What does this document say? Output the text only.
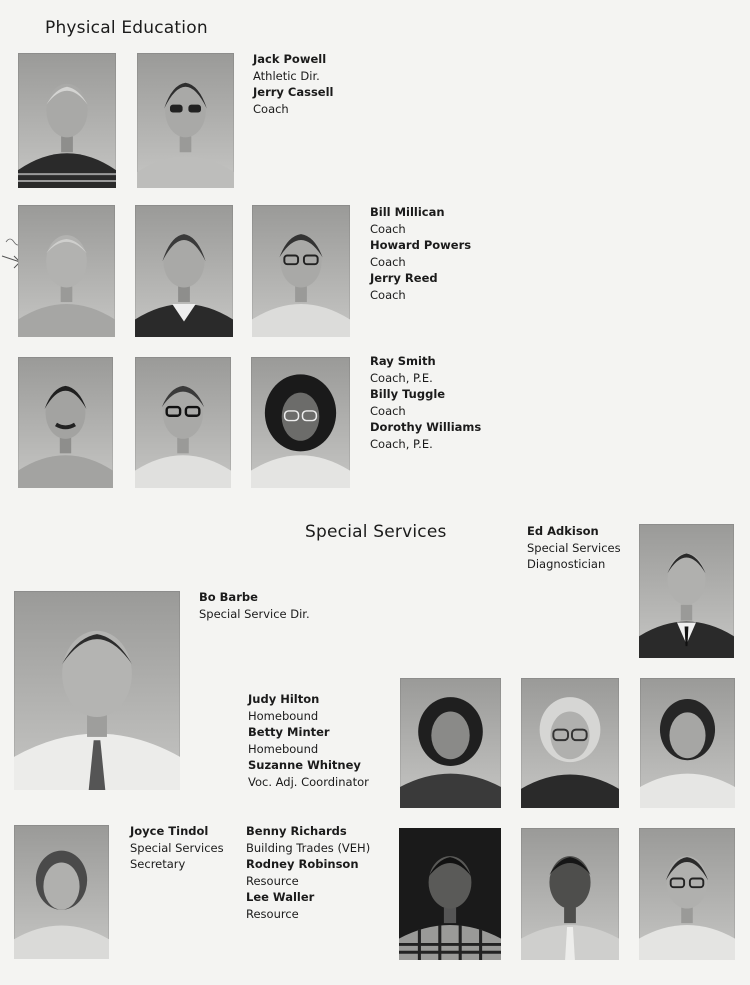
Physical Education
Special Services
Jack Powell
Athletic Dir.
Jerry Cassell
Coach
Bill Millican
Coach
Howard Powers
Coach
Jerry Reed
Coach
Ray Smith
Coach, P.E.
Billy Tuggle
Coach
Dorothy Williams
Coach, P.E.
Ed Adkison
Special Services
Diagnostician
Bo Barbe
Special Service Dir.
Judy Hilton
Homebound
Betty Minter
Homebound
Suzanne Whitney
Voc. Adj. Coordinator
Joyce Tindol
Special Services
Secretary
Benny Richards
Building Trades (VEH)
Rodney Robinson
Resource
Lee Waller
Resource
